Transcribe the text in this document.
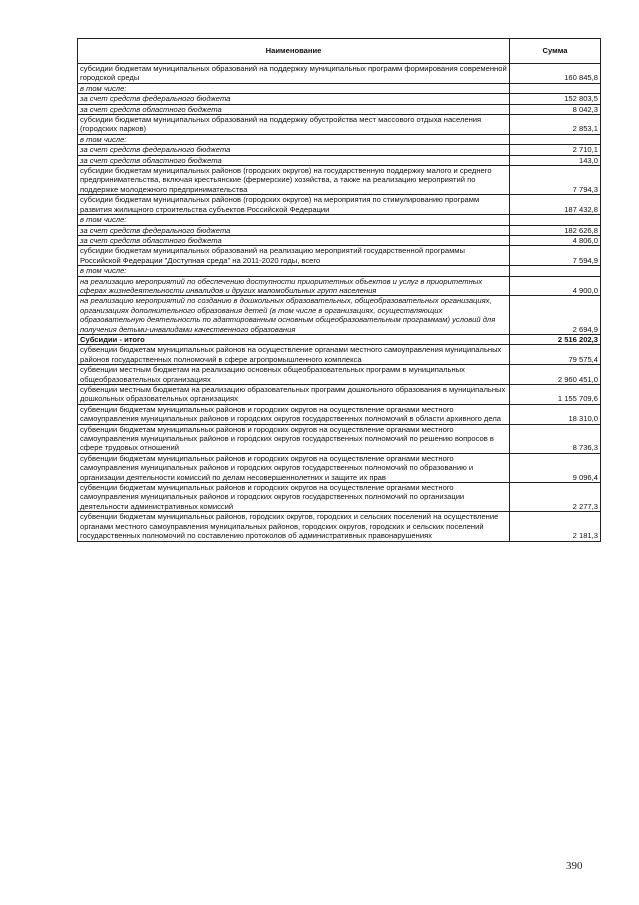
Наименование	Сумма
субсидии бюджетам муниципальных образований на поддержку муниципальных программ формирования современной городской среды	160 845,8
в том числе:	
за счет средств федерального бюджета	152 803,5
за счет средств областного бюджета	8 042,3
субсидии бюджетам муниципальных образований на поддержку обустройства мест массового отдыха населения (городских парков)	2 853,1
в том числе:	
за счет средств федерального бюджета	2 710,1
за счет средств областного бюджета	143,0
субсидии бюджетам муниципальных районов (городских округов) на государственную поддержку малого и среднего предпринимательства, включая крестьянские (фермерские) хозяйства, а также на реализацию мероприятий по поддержке молодежного предпринимательства	7 794,3
субсидии бюджетам муниципальных районов (городских округов) на мероприятия по стимулированию программ развития жилищного строительства субъектов Российской Федерации	187 432,8
в том числе:	
за счет средств федерального бюджета	182 626,8
за счет средств областного бюджета	4 806,0
субсидии бюджетам муниципальных образований на реализацию мероприятий государственной программы Российской Федерации "Доступная среда" на 2011-2020 годы, всего	7 594,9
в том числе:	
на реализацию мероприятий по обеспечению доступности приоритетных объектов и услуг в приоритетных сферах жизнедеятельности инвалидов и других маломобильных групп населения	4 900,0
на реализацию мероприятий по созданию в дошкольных образовательных, общеобразовательных организациях, организациях дополнительного образования детей (в том числе в организациях, осуществляющих образовательную деятельность по адаптированным основным общеобразовательным программам) условий для получения детьми-инвалидами качественного образования	2 694,9
Субсидии - итого	2 516 202,3
субвенции бюджетам муниципальных районов на осуществление органами местного самоуправления муниципальных районов государственных полномочий в сфере агропромышленного комплекса	79 575,4
субвенции местным бюджетам на реализацию основных общеобразовательных программ в муниципальных общеобразовательных организациях	2 960 451,0
субвенции местным бюджетам на реализацию образовательных программ дошкольного образования в муниципальных дошкольных образовательных организациях	1 155 709,6
субвенции бюджетам муниципальных районов и городских округов на осуществление органами местного самоуправления муниципальных районов и городских округов государственных полномочий в области архивного дела	18 310,0
субвенции бюджетам муниципальных районов и городских округов на осуществление органами местного самоуправления муниципальных районов и городских округов государственных полномочий по решению вопросов в сфере трудовых отношений	8 736,3
субвенции бюджетам муниципальных районов и городских округов на осуществление органами местного самоуправления муниципальных районов и городских округов государственных полномочий по образованию и организации деятельности комиссий по делам несовершеннолетних и защите их прав	9 096,4
субвенции бюджетам муниципальных районов и городских округов на осуществление органами местного самоуправления муниципальных районов и городских округов государственных полномочий по организации деятельности административных комиссий	2 277,3
субвенции бюджетам муниципальных районов, городских округов, городских и сельских поселений на осуществление органами местного самоуправления муниципальных районов, городских округов, городских и сельских поселений государственных полномочий по составлению протоколов об административных правонарушениях	2 181,3
390
